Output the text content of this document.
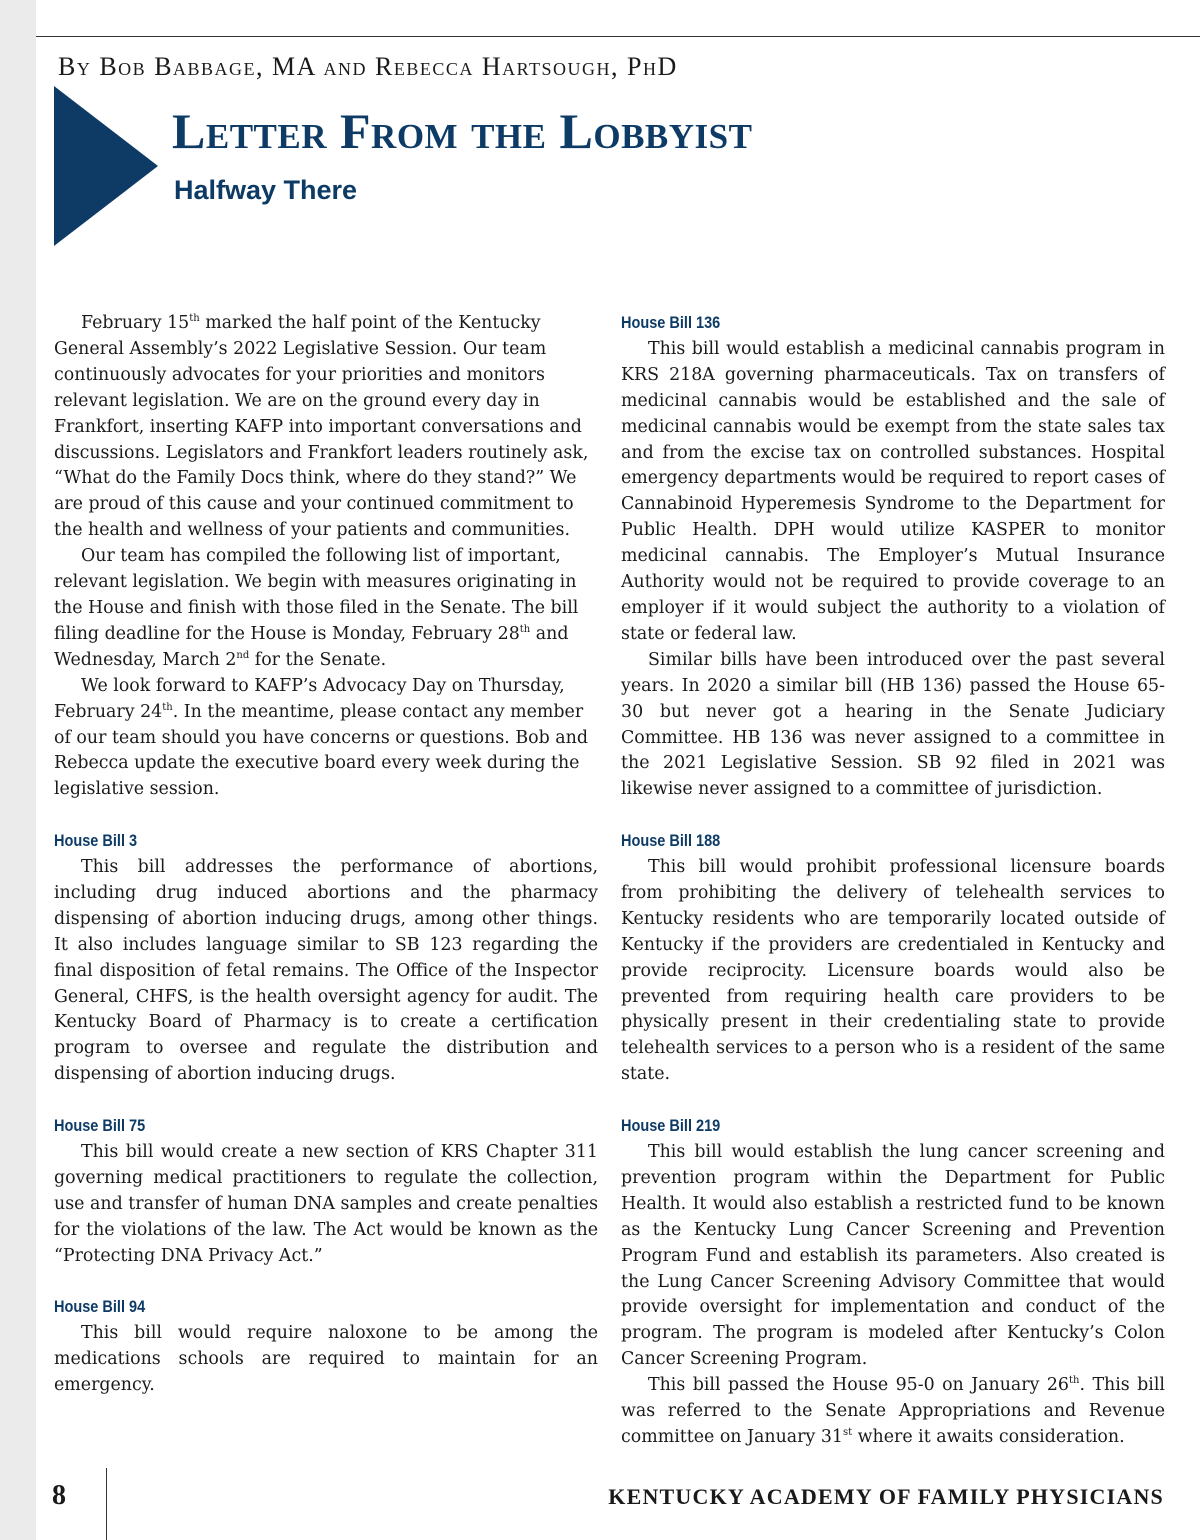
By Bob Babbage, MA and Rebecca Hartsough, PhD
Letter From the Lobbyist
Halfway There

February 15th marked the half point of the Kentucky General Assembly’s 2022 Legislative Session. Our team continuously advocates for your priorities and monitors relevant legislation. We are on the ground every day in Frankfort, inserting KAFP into important conversations and discussions. Legislators and Frankfort leaders routinely ask, “What do the Family Docs think, where do they stand?” We are proud of this cause and your continued commitment to the health and wellness of your patients and communities.

Our team has compiled the following list of important, relevant legislation. We begin with measures originating in the House and finish with those filed in the Senate. The bill filing deadline for the House is Monday, February 28th and Wednesday, March 2nd for the Senate.

We look forward to KAFP’s Advocacy Day on Thursday, February 24th. In the meantime, please contact any member of our team should you have concerns or questions. Bob and Rebecca update the executive board every week during the legislative session.

House Bill 3

This bill addresses the performance of abortions, including drug induced abortions and the pharmacy dispensing of abortion inducing drugs, among other things. It also includes language similar to SB 123 regarding the final disposition of fetal remains. The Office of the Inspector General, CHFS, is the health oversight agency for audit. The Kentucky Board of Pharmacy is to create a certification program to oversee and regulate the distribution and dispensing of abortion inducing drugs.

House Bill 75

This bill would create a new section of KRS Chapter 311 governing medical practitioners to regulate the collection, use and transfer of human DNA samples and create penalties for the violations of the law. The Act would be known as the “Protecting DNA Privacy Act.”

House Bill 94

This bill would require naloxone to be among the medications schools are required to maintain for an emergency.

House Bill 136

This bill would establish a medicinal cannabis program in KRS 218A governing pharmaceuticals. Tax on transfers of medicinal cannabis would be established and the sale of medicinal cannabis would be exempt from the state sales tax and from the excise tax on controlled substances. Hospital emergency departments would be required to report cases of Cannabinoid Hyperemesis Syndrome to the Department for Public Health. DPH would utilize KASPER to monitor medicinal cannabis. The Employer’s Mutual Insurance Authority would not be required to provide coverage to an employer if it would subject the authority to a violation of state or federal law.

Similar bills have been introduced over the past several years. In 2020 a similar bill (HB 136) passed the House 65-30 but never got a hearing in the Senate Judiciary Committee. HB 136 was never assigned to a committee in the 2021 Legislative Session. SB 92 filed in 2021 was likewise never assigned to a committee of jurisdiction.

House Bill 188

This bill would prohibit professional licensure boards from prohibiting the delivery of telehealth services to Kentucky residents who are temporarily located outside of Kentucky if the providers are credentialed in Kentucky and provide reciprocity. Licensure boards would also be prevented from requiring health care providers to be physically present in their credentialing state to provide telehealth services to a person who is a resident of the same state.

House Bill 219

This bill would establish the lung cancer screening and prevention program within the Department for Public Health. It would also establish a restricted fund to be known as the Kentucky Lung Cancer Screening and Prevention Program Fund and establish its parameters. Also created is the Lung Cancer Screening Advisory Committee that would provide oversight for implementation and conduct of the program. The program is modeled after Kentucky’s Colon Cancer Screening Program.

This bill passed the House 95-0 on January 26th. This bill was referred to the Senate Appropriations and Revenue committee on January 31st where it awaits consideration.

8	KENTUCKY ACADEMY OF FAMILY PHYSICIANS
